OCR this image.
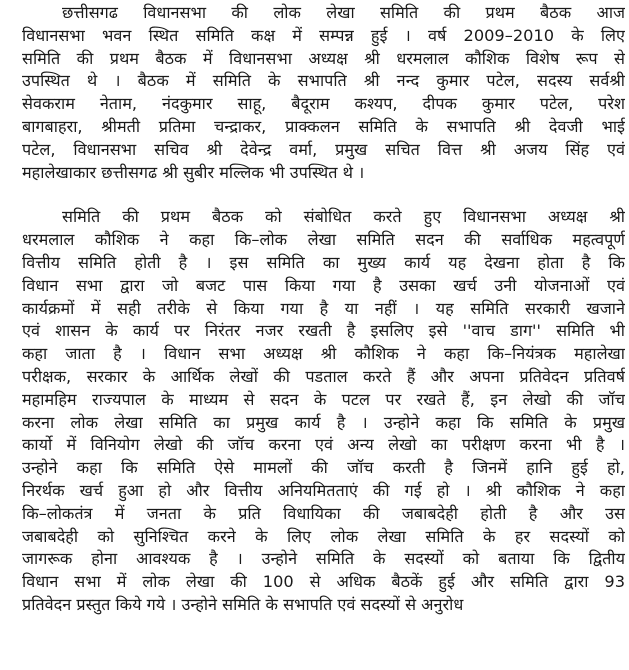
छत्तीसगढ विधानसभा की लोक लेखा समिति की प्रथम बैठक आज
विधानसभा भवन स्थित समिति कक्ष में सम्पन्न हुई । वर्ष 2009–2010 के लिए
समिति की प्रथम बैठक में विधानसभा अध्यक्ष श्री धरमलाल कौशिक विशेष रूप से
उपस्थित थे । बैठक में समिति के सभापति श्री नन्द कुमार पटेल, सदस्य सर्वश्री
सेवकराम नेताम, नंदकुमार साहू, बैदूराम कश्यप, दीपक कुमार पटेल, परेश
बागबाहरा, श्रीमती प्रतिमा चन्द्राकर, प्राक्कलन समिति के सभापति श्री देवजी भाई
पटेल, विधानसभा सचिव श्री देवेन्द्र वर्मा, प्रमुख सचित वित्त श्री अजय सिंह एवं
महालेखाकार छत्तीसगढ श्री सुबीर मल्लिक भी उपस्थित थे ।
समिति की प्रथम बैठक को संबोधित करते हुए विधानसभा अध्यक्ष श्री
धरमलाल कौशिक ने कहा कि–लोक लेखा समिति सदन की सर्वाधिक महत्वपूर्ण
वित्तीय समिति होती है । इस समिति का मुख्य कार्य यह देखना होता है कि
विधान सभा द्वारा जो बजट पास किया गया है उसका खर्च उनी योजनाओं एवं
कार्यक्रमों में सही तरीके से किया गया है या नहीं । यह समिति सरकारी खजाने
एवं शासन के कार्य पर निरंतर नजर रखती है इसलिए इसे ''वाच डाग'' समिति भी
कहा जाता है । विधान सभा अध्यक्ष श्री कौशिक ने कहा कि–नियंत्रक महालेखा
परीक्षक, सरकार के आर्थिक लेखों की पडताल करते हैं और अपना प्रतिवेदन प्रतिवर्ष
महामहिम राज्यपाल के माध्यम से सदन के पटल पर रखते हैं, इन लेखो की जॉच
करना लोक लेखा समिति का प्रमुख कार्य है । उन्होने कहा कि समिति के प्रमुख
कार्यो में विनियोग लेखो की जॉच करना एवं अन्य लेखो का परीक्षण करना भी है ।
उन्होने कहा कि समिति ऐसे मामलों की जॉच करती है जिनमें हानि हुई हो,
निरर्थक खर्च हुआ हो और वित्तीय अनियमितताएं की गई हो । श्री कौशिक ने कहा
कि–लोकतंत्र में जनता के प्रति विधायिका की जबाबदेही होती है और उस
जबाबदेही को सुनिश्चित करने के लिए लोक लेखा समिति के हर सदस्यों को
जागरूक होना आवश्यक है । उन्होने समिति के सदस्यों को बताया कि द्वितीय
विधान सभा में लोक लेखा की 100 से अधिक बैठकें हुई और समिति द्वारा 93
प्रतिवेदन प्रस्तुत किये गये । उन्होने समिति के सभापति एवं सदस्यों से अनुरोध
